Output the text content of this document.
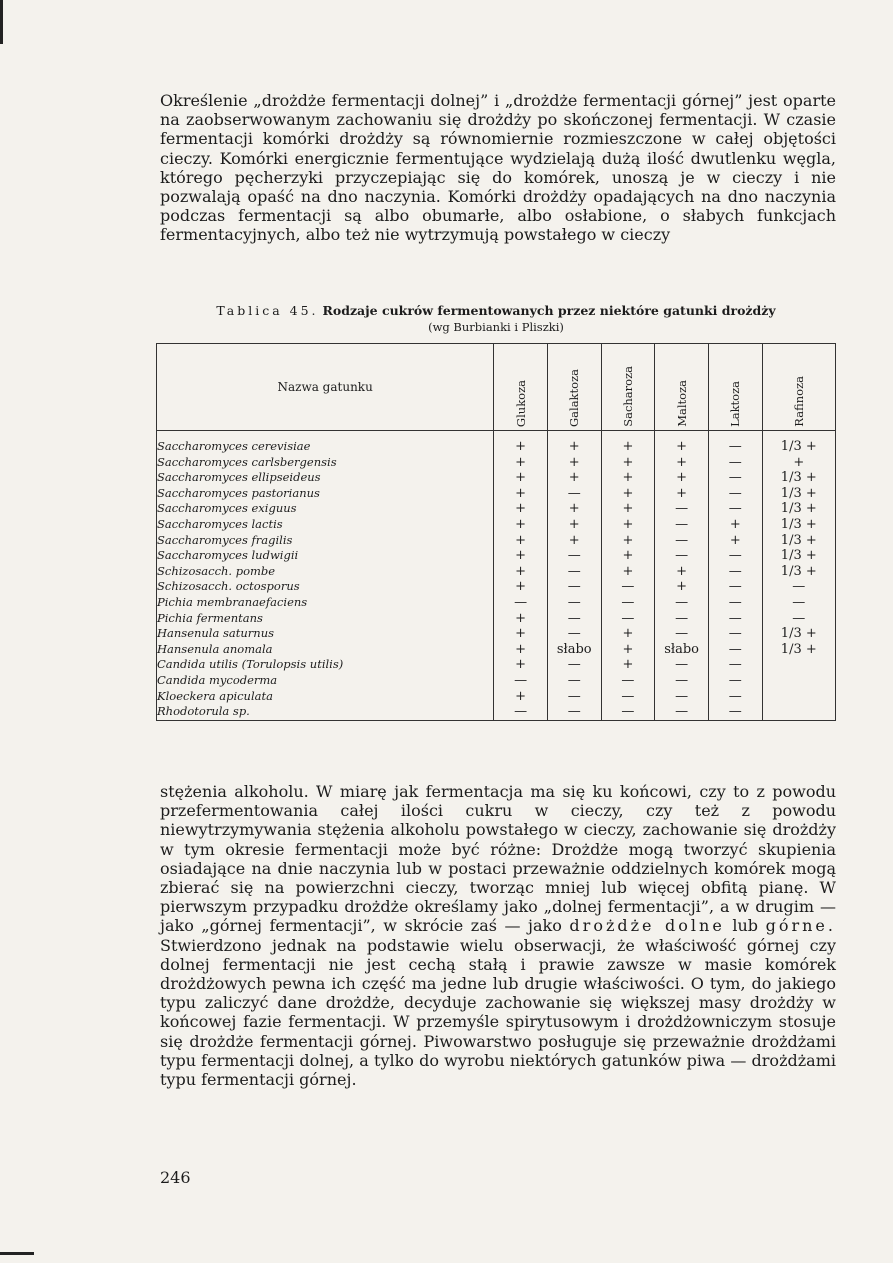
Określenie „drożdże fermentacji dolnej” i „drożdże fermentacji górnej” jest oparte na zaobserwowanym zachowaniu się drożdży po skończonej fermentacji. W czasie fermentacji komórki drożdży są równomiernie rozmieszczone w całej objętości cieczy. Komórki energicznie fermentujące wydzielają dużą ilość dwutlenku węgla, którego pęcherzyki przyczepiając się do komórek, unoszą je w cieczy i nie pozwalają opaść na dno naczynia. Komórki drożdży opadających na dno naczynia podczas fermentacji są albo obumarłe, albo osłabione, o słabych funkcjach fermentacyjnych, albo też nie wytrzymują powstałego w cieczy
Tablica 45. Rodzaje cukrów fermentowanych przez niektóre gatunki drożdży
(wg Burbianki i Pliszki)
Nazwa gatunku	Glukoza	Galaktoza	Sacharoza	Maltoza	Laktoza	Rafinoza
Saccharomyces cerevisiae	+	+	+	+	—	1/3 +
Saccharomyces carlsbergensis	+	+	+	+	—	+
Saccharomyces ellipseideus	+	+	+	+	—	1/3 +
Saccharomyces pastorianus	+	—	+	+	—	1/3 +
Saccharomyces exiguus	+	+	+	—	—	1/3 +
Saccharomyces lactis	+	+	+	—	+	1/3 +
Saccharomyces fragilis	+	+	+	—	+	1/3 +
Saccharomyces ludwigii	+	—	+	—	—	1/3 +
Schizosacch. pombe	+	—	+	+	—	1/3 +
Schizosacch. octosporus	+	—	—	+	—	—
Pichia membranaefaciens	—	—	—	—	—	—
Pichia fermentans	+	—	—	—	—	—
Hansenula saturnus	+	—	+	—	—	1/3 +
Hansenula anomala	+	słabo	+	słabo	—	1/3 +
Candida utilis (Torulopsis utilis)	+	—	+	—	—	
Candida mycoderma	—	—	—	—	—	
Kloeckera apiculata	+	—	—	—	—	
Rhodotorula sp.	—	—	—	—	—	
stężenia alkoholu. W miarę jak fermentacja ma się ku końcowi, czy to z powodu przefermentowania całej ilości cukru w cieczy, czy też z powodu niewytrzymywania stężenia alkoholu powstałego w cieczy, zachowanie się drożdży w tym okresie fermentacji może być różne: Drożdże mogą tworzyć skupienia osiadające na dnie naczynia lub w postaci przeważnie oddzielnych komórek mogą zbierać się na powierzchni cieczy, tworząc mniej lub więcej obfitą pianę. W pierwszym przypadku drożdże określamy jako „dolnej fermentacji”, a w drugim — jako „górnej fermentacji”, w skrócie zaś — jako drożdże dolne lub górne. Stwierdzono jednak na podstawie wielu obserwacji, że właściwość górnej czy dolnej fermentacji nie jest cechą stałą i prawie zawsze w masie komórek drożdżowych pewna ich część ma jedne lub drugie właściwości. O tym, do jakiego typu zaliczyć dane drożdże, decyduje zachowanie się większej masy drożdży w końcowej fazie fermentacji. W przemyśle spirytusowym i drożdżowniczym stosuje się drożdże fermentacji górnej. Piwowarstwo posługuje się przeważnie drożdżami typu fermentacji dolnej, a tylko do wyrobu niektórych gatunków piwa — drożdżami typu fermentacji górnej.
246
